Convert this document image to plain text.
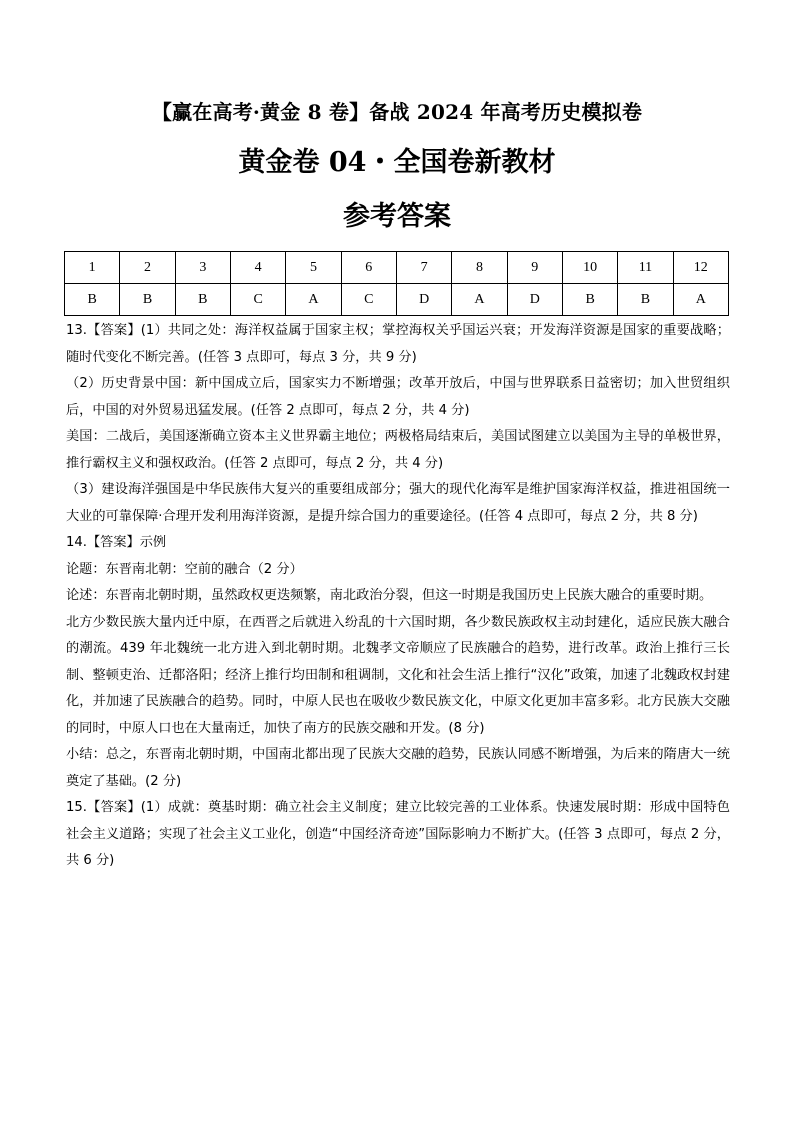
【赢在高考·黄金 8 卷】备战 2024 年高考历史模拟卷
黄金卷 04・全国卷新教材
参考答案
1	2	3	4	5	6	7	8	9	10	11	12
B	B	B	C	A	C	D	A	D	B	B	A

13.【答案】(1）共同之处：海洋权益属于国家主权；掌控海权关乎国运兴衰；开发海洋资源是国家的重要战略；随时代变化不断完善。(任答 3 点即可，每点 3 分，共 9 分)

（2）历史背景中国：新中国成立后，国家实力不断增强；改革开放后，中国与世界联系日益密切；加入世贸组织后，中国的对外贸易迅猛发展。(任答 2 点即可，每点 2 分，共 4 分)

美国：二战后，美国逐渐确立资本主义世界霸主地位；两极格局结束后，美国试图建立以美国为主导的单极世界，推行霸权主义和强权政治。(任答 2 点即可，每点 2 分，共 4 分)

（3）建设海洋强国是中华民族伟大复兴的重要组成部分；强大的现代化海军是维护国家海洋权益，推进祖国统一大业的可靠保障·合理开发利用海洋资源，是提升综合国力的重要途径。(任答 4 点即可，每点 2 分，共 8 分)

14.【答案】示例

论题：东晋南北朝：空前的融合（2 分）

论述：东晋南北朝时期，虽然政权更迭频繁，南北政治分裂，但这一时期是我国历史上民族大融合的重要时期。

北方少数民族大量内迁中原，在西晋之后就进入纷乱的十六国时期，各少数民族政权主动封建化，适应民族大融合的潮流。439 年北魏统一北方进入到北朝时期。北魏孝文帝顺应了民族融合的趋势，进行改革。政治上推行三长制、整顿吏治、迁都洛阳；经济上推行均田制和租调制，文化和社会生活上推行“汉化”政策，加速了北魏政权封建化，并加速了民族融合的趋势。同时，中原人民也在吸收少数民族文化，中原文化更加丰富多彩。北方民族大交融的同时，中原人口也在大量南迁，加快了南方的民族交融和开发。(8 分)

小结：总之，东晋南北朝时期，中国南北都出现了民族大交融的趋势，民族认同感不断增强，为后来的隋唐大一统奠定了基础。(2 分)

15.【答案】(1）成就：奠基时期：确立社会主义制度；建立比较完善的工业体系。快速发展时期：形成中国特色社会主义道路；实现了社会主义工业化，创造“中国经济奇迹”国际影响力不断扩大。(任答 3 点即可，每点 2 分，共 6 分)
